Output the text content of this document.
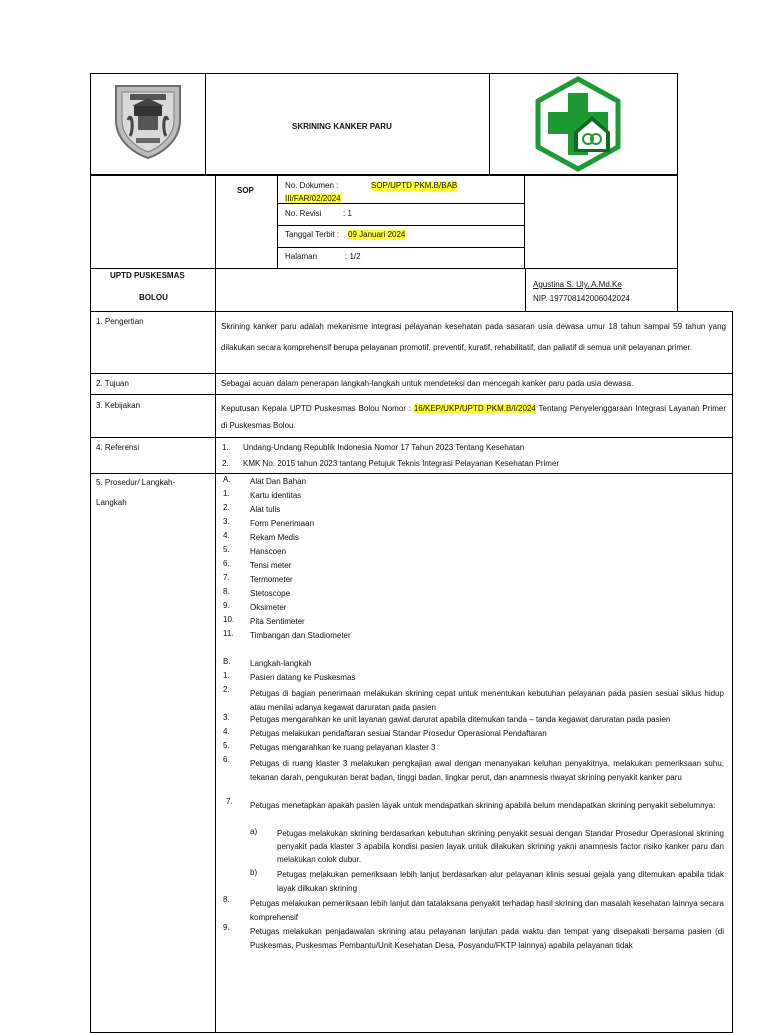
SKRINING KANKER PARU
SOP
No. Dokumen :	SOP/UPTD PKM.B/BAB
III/FAR/02/2024
No. Revisi	: 1
Tanggal Terbit : 09 Januari 2024
Halaman	: 1/2
UPTD PUSKESMAS
BOLOU
Agustina S. Uly, A.Md.Ke
NIP. 197708142006042024
1. Pengertian
Skrining kanker paru adalah mekanisme integrasi pelayanan kesehatan pada sasaran usia dewasa umur 18 tahun sampai 59 tahun yang dilakukan secara komprehensif berupa pelayanan promotif, preventif, kuratif, rehabilitatif, dan paliatif di semua unit pelayanan primer.
2. Tujuan	Sebagai acuan dalam penerapan langkah-langkah untuk mendeteksi dan mencegah kanker paru pada usia dewasa.
3. Kebijakan	Keputusan Kepala UPTD Puskesmas Bolou Nomor : 16/KEP/UKP/UPTD PKM.B/I/2024 Tentang Penyelenggaraan Integrasi Layanan Primer di Puskesmas Bolou.
4. Referensi	1. Undang-Undang Republik Indonesia Nomor 17 Tahun 2023 Tentang Kesehatan
2. KMK No. 2015 tahun 2023 tantang Petujuk Teknis Integrasi Pelayanan Kesehatan Primer
5. Prosedur/ Langkah-
Langkah
A. Alat Dan Bahan
1.	Kartu identitas
2.	Alat tulis
3.	Form Penerimaan
4.	Rekam Medis
5.	Hanscoen
6.	Tensi meter
7.	Termometer
8.	Stetoscope
9.	Oksimeter
10. Pita Sentimeter
11. Timbangan dan Stadiometer
B. Langkah-langkah
1.	Pasien datang ke Puskesmas
2.	Petugas di bagian penerimaan melakukan skrining cepat untuk menentukan kebutuhan pelayanan pada pasien sesuai siklus hidup atau menilai adanya kegawat daruratan pada pasien
3.	Petugas mengarahkan ke unit layanan gawat darurat apabila ditemukan tanda – tanda kegawat daruratan pada pasien
4.	Petugas melakukan pendaftaran sesuai Standar Prosedur Operasional Pendaftaran
5.	Petugas mengarahkan ke ruang pelayanan klaster 3
6.	Petugas di ruang klaster 3 melakukan pengkajian awal dengan menanyakan keluhan penyakitnya, melakukan pemeriksaan suhu, tekanan darah, pengukuran berat badan, tinggi badan, lingkar perut, dan anamnesis riwayat skrining penyakit kanker paru
7. Petugas menetapkan apakah pasien layak untuk mendapatkan skrining apabila belum mendapatkan skrining penyakit sebelumnya:
a) Petugas melakukan skrining berdasarkan kebutuhan skrining penyakit sesuai dengan Standar Prosedur Operasional skrining penyakit pada klaster 3 apabila kondisi pasien layak untuk dilakukan skrining yakni anamnesis factor risiko kanker paru dan melakukan colok dubur.
b) Petugas melakukan pemeriksaan lebih lanjut berdasarkan alur pelayanan klinis sesuai gejala yang ditemukan apabila tidak layak dilkukan skrining
8.	Petugas melakukan pemeriksaan lebih lanjut dan tatalaksana penyakit terhadap hasil skrining dan masalah kesehatan lainnya secara komprehensif
9.	Petugas melakukan penjadawalan skrining atau pelayanan lanjutan pada waktu dan tempat yang disepakati bersama pasien (di Puskesmas, Puskesmas Pembantu/Unit Kesehatan Desa, Posyandu/FKTP lainnya) apabila pelayanan tidak
